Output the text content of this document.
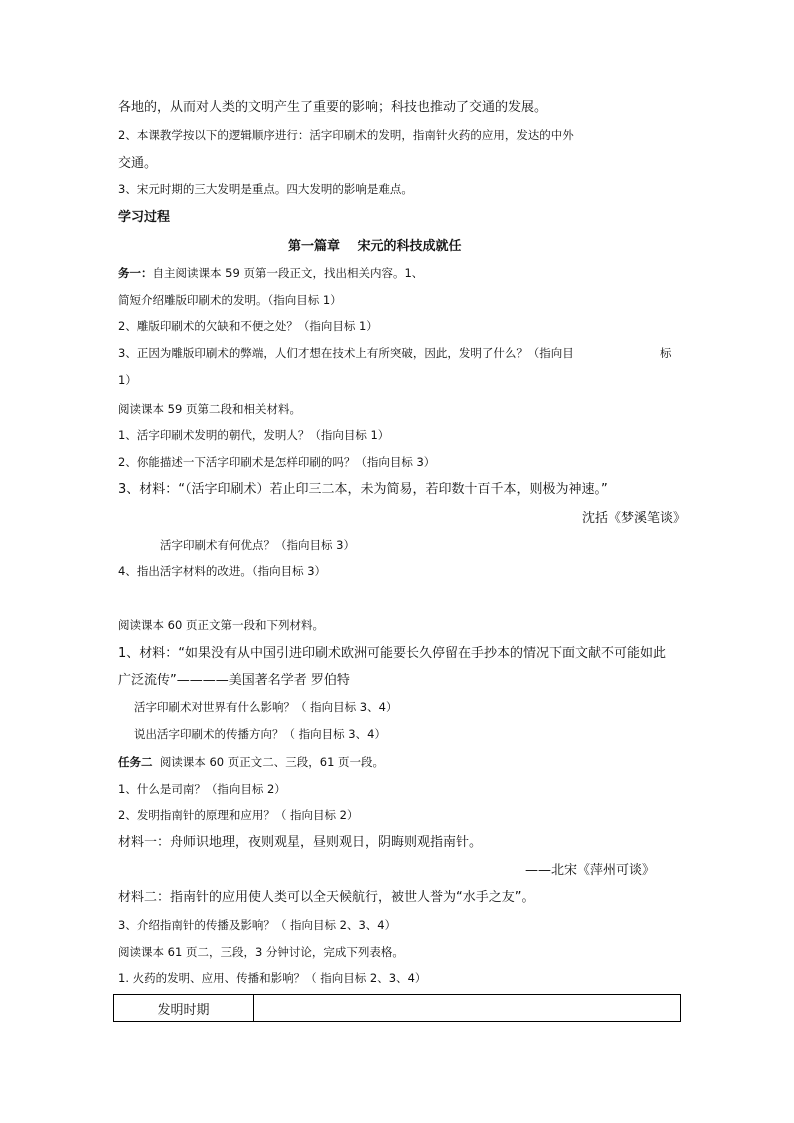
各地的，从而对人类的文明产生了重要的影响；科技也推动了交通的发展。
2、本课教学按以下的逻辑顺序进行：活字印刷术的发明，指南针火药的应用，发达的中外
交通。
3、宋元时期的三大发明是重点。四大发明的影响是难点。
学习过程
第一篇章　 宋元的科技成就任
务一：自主阅读课本 59 页第一段正文，找出相关内容。1、
简短介绍雕版印刷术的发明。（指向目标 1）
2、雕版印刷术的欠缺和不便之处？（指向目标 1）
3、正因为雕版印刷术的弊端，人们才想在技术上有所突破，因此，发明了什么？（指向目	标
1）
阅读课本 59 页第二段和相关材料。
1、活字印刷术发明的朝代，发明人？（指向目标 1）
2、你能描述一下活字印刷术是怎样印刷的吗？（指向目标 3）
3、材料：“（活字印刷术）若止印三二本，未为简易，若印数十百千本，则极为神速。”
沈括《梦溪笔谈》
活字印刷术有何优点？（指向目标 3）
4、指出活字材料的改进。（指向目标 3）
阅读课本 60 页正文第一段和下列材料。
1、材料：“如果没有从中国引进印刷术欧洲可能要长久停留在手抄本的情况下面文献不可能如此
广泛流传”————美国著名学者 罗伯特
活字印刷术对世界有什么影响？（ 指向目标 3、4）
说出活字印刷术的传播方向？（ 指向目标 3、4）
任务二 阅读课本 60 页正文二、三段，61 页一段。
1、什么是司南？（指向目标 2）
2、发明指南针的原理和应用？（ 指向目标 2）
材料一：舟师识地理，夜则观星，昼则观日，阴晦则观指南针。
——北宋《萍州可谈》
材料二：指南针的应用使人类可以全天候航行，被世人誉为“水手之友”。
3、介绍指南针的传播及影响？（ 指向目标 2、3、4）
阅读课本 61 页二，三段，3 分钟讨论，完成下列表格。
1. 火药的发明、应用、传播和影响？（ 指向目标 2、3、4）
发明时期	
